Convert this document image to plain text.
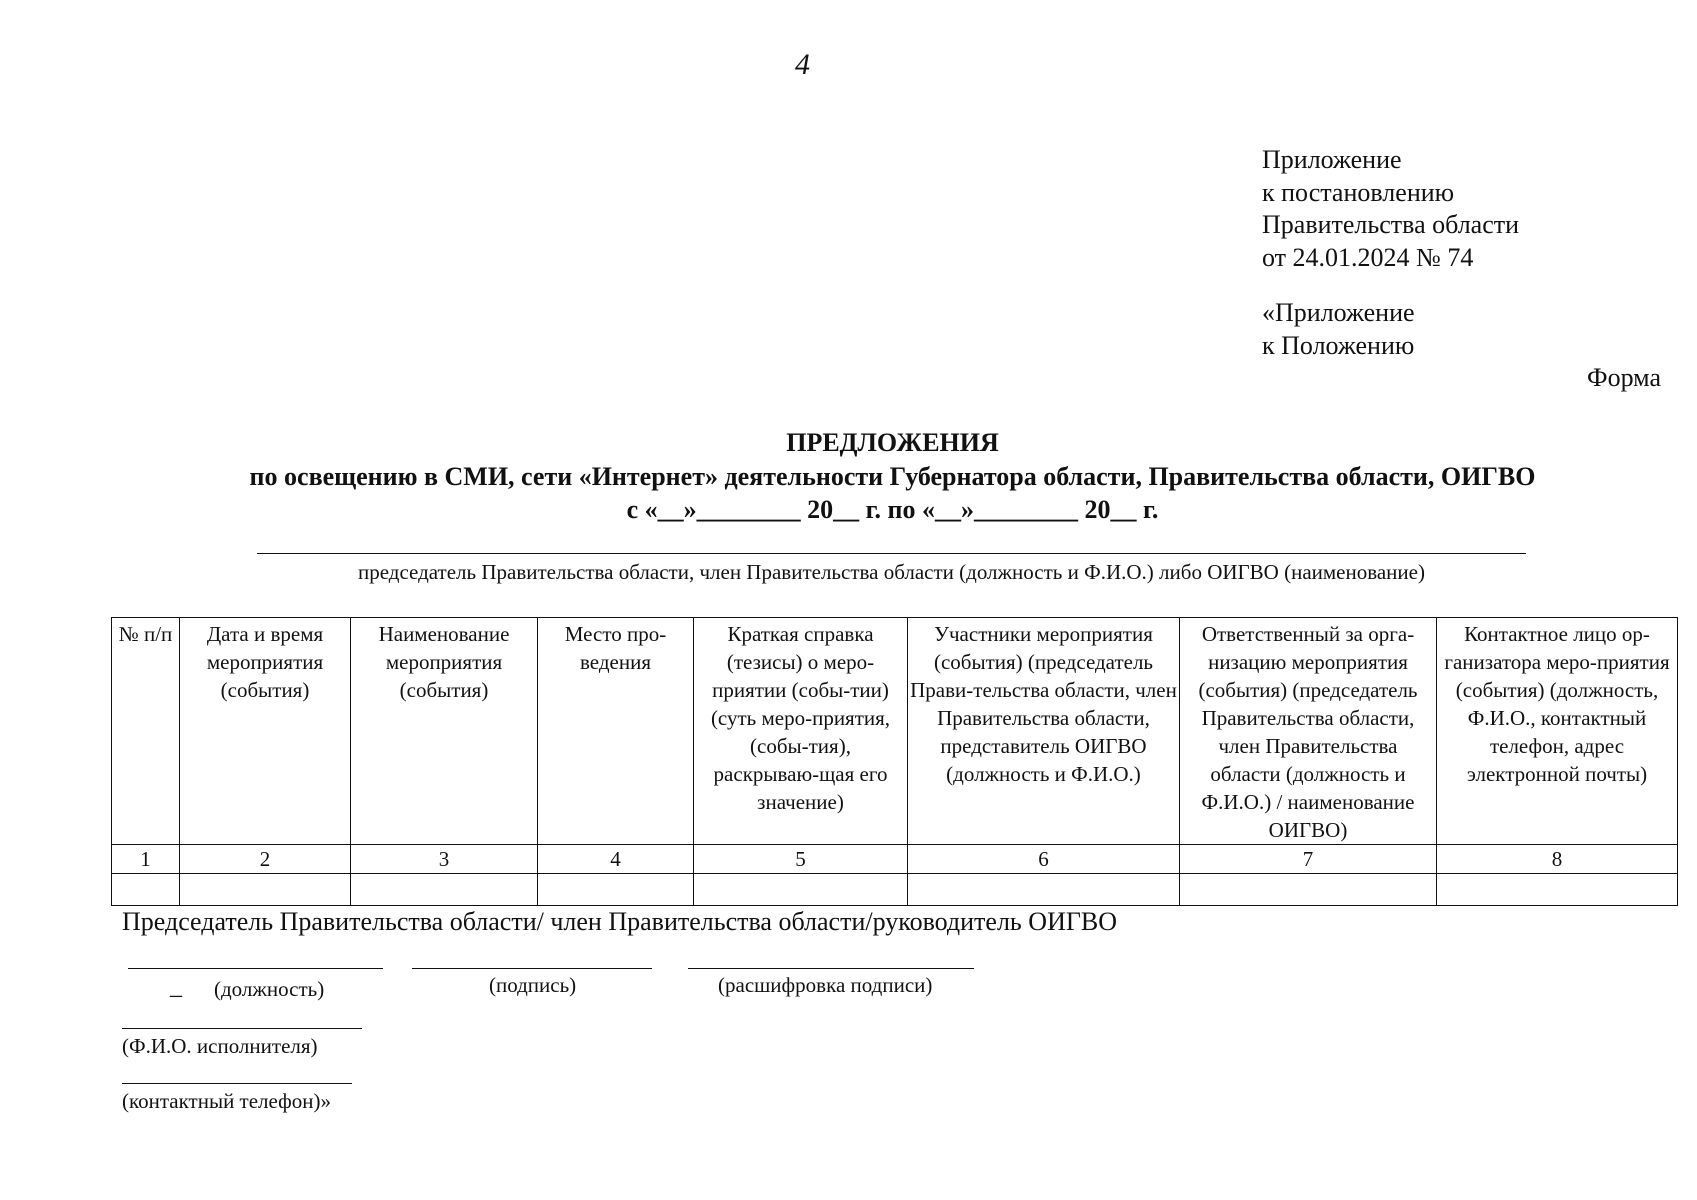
4
Приложение
к постановлению
Правительства области
от 24.01.2024 № 74
«Приложение
к Положению
Форма
ПРЕДЛОЖЕНИЯ
по освещению в СМИ, сети «Интернет» деятельности Губернатора области, Правительства области, ОИГВО
с «__»________ 20__ г. по «__»________ 20__ г.
председатель Правительства области, член Правительства области (должность и Ф.И.О.) либо ОИГВО (наименование)
№ п/п	Дата и время мероприятия (события)	Наименование мероприятия (события)	Место про-ведения	Краткая справка (тезисы) о меро-приятии (собы-тии) (суть меро-приятия, (собы-тия), раскрываю-щая его значение)	Участники мероприятия (события) (председатель Прави-тельства области, член Правительства области, представитель ОИГВО (должность и Ф.И.О.)	Ответственный за орга-низацию мероприятия (события) (председатель Правительства области, член Правительства области (должность и Ф.И.О.) / наименование ОИГВО)	Контактное лицо ор-ганизатора меро-приятия (события) (должность, Ф.И.О., контактный телефон, адрес электронной почты)
1	2	3	4	5	6	7	8

Председатель Правительства области/ член Правительства области/руководитель ОИГВО
_ (должность)	(подпись)	(расшифровка подписи)
(Ф.И.О. исполнителя)
(контактный телефон)»
